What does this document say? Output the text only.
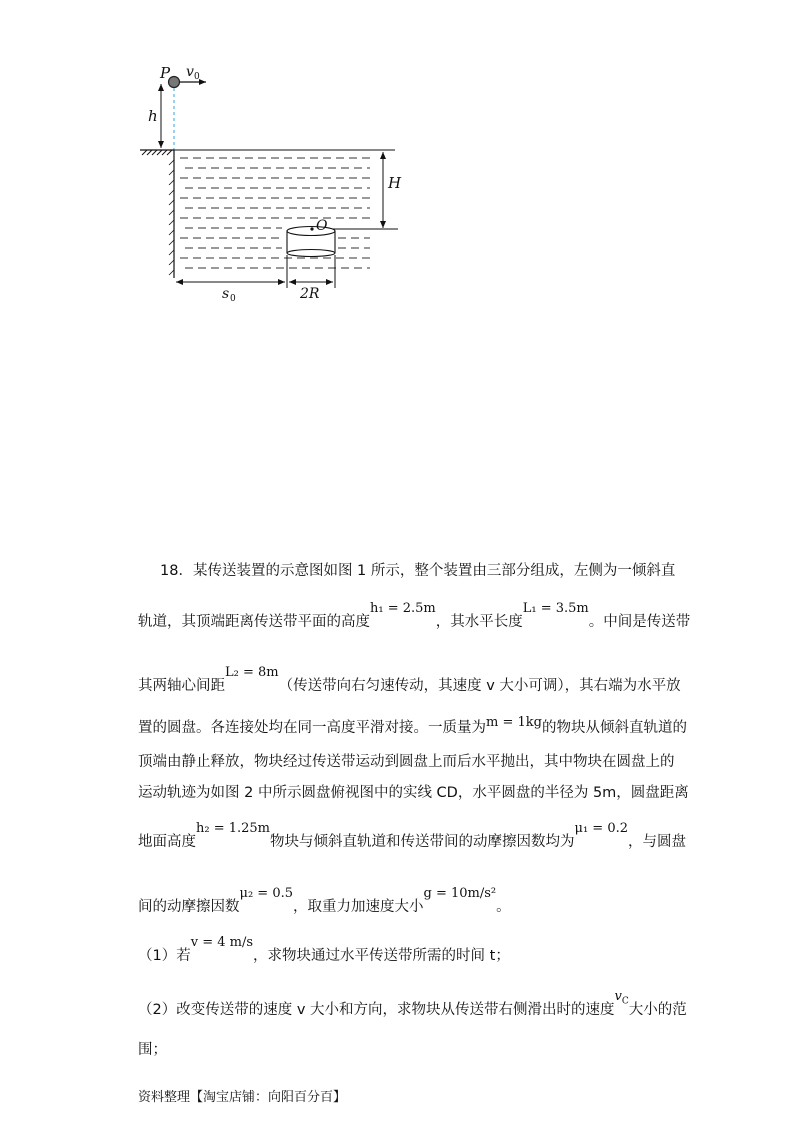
P v 0
h
H
O
s 0	2R
18．某传送装置的示意图如图 1 所示，整个装置由三部分组成，左侧为一倾斜直
轨道，其顶端距离传送带平面的高度h₁ = 2.5m，其水平长度L₁ = 3.5m。中间是传送带
其两轴心间距L₂ = 8m（传送带向右匀速传动，其速度 v 大小可调），其右端为水平放
置的圆盘。各连接处均在同一高度平滑对接。一质量为m = 1kg的物块从倾斜直轨道的
顶端由静止释放，物块经过传送带运动到圆盘上而后水平抛出，其中物块在圆盘上的
运动轨迹为如图 2 中所示圆盘俯视图中的实线 CD，水平圆盘的半径为 5m，圆盘距离
地面高度h₂ = 1.25m物块与倾斜直轨道和传送带间的动摩擦因数均为μ₁ = 0.2，与圆盘
间的动摩擦因数μ₂ = 0.5，取重力加速度大小g = 10m/s²。
（1）若v = 4 m/s，求物块通过水平传送带所需的时间 t；
（2）改变传送带的速度 v 大小和方向，求物块从传送带右侧滑出时的速度$v_C$大小的范
围；
资料整理【淘宝店铺：向阳百分百】
